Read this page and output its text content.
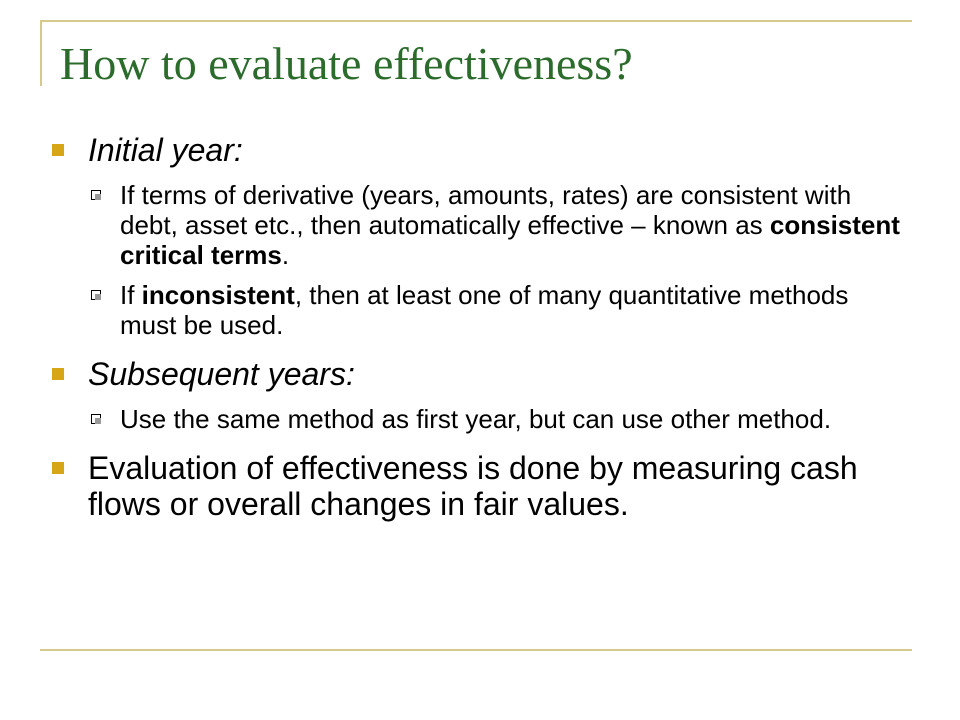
How to evaluate effectiveness?
Initial year:
If terms of derivative (years, amounts, rates) are consistent with debt, asset etc., then automatically effective – known as consistent critical terms.
If inconsistent, then at least one of many quantitative methods must be used.
Subsequent years:
Use the same method as first year, but can use other method.
Evaluation of effectiveness is done by measuring cash flows or overall changes in fair values.
